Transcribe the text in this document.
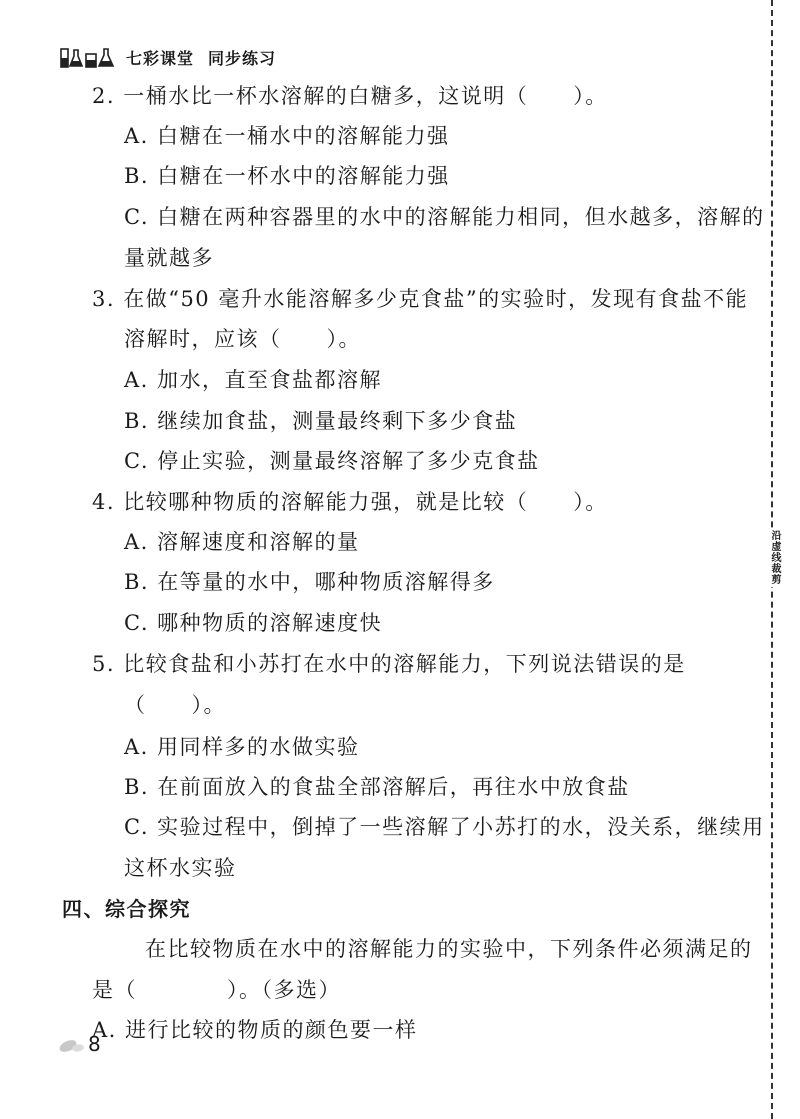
七彩课堂 同步练习
沿虚线裁剪
2. 一桶水比一杯水溶解的白糖多，这说明（　　）。
A. 白糖在一桶水中的溶解能力强
B. 白糖在一杯水中的溶解能力强
C. 白糖在两种容器里的水中的溶解能力相同，但水越多，溶解的
量就越多
3. 在做“50 毫升水能溶解多少克食盐”的实验时，发现有食盐不能
溶解时，应该（　　）。
A. 加水，直至食盐都溶解
B. 继续加食盐，测量最终剩下多少食盐
C. 停止实验，测量最终溶解了多少克食盐
4. 比较哪种物质的溶解能力强，就是比较（　　）。
A. 溶解速度和溶解的量
B. 在等量的水中，哪种物质溶解得多
C. 哪种物质的溶解速度快
5. 比较食盐和小苏打在水中的溶解能力，下列说法错误的是
（　　）。
A. 用同样多的水做实验
B. 在前面放入的食盐全部溶解后，再往水中放食盐
C. 实验过程中，倒掉了一些溶解了小苏打的水，没关系，继续用
这杯水实验
四、综合探究
在比较物质在水中的溶解能力的实验中，下列条件必须满足的
是（　　　　）。（多选）
A. 进行比较的物质的颜色要一样
8
